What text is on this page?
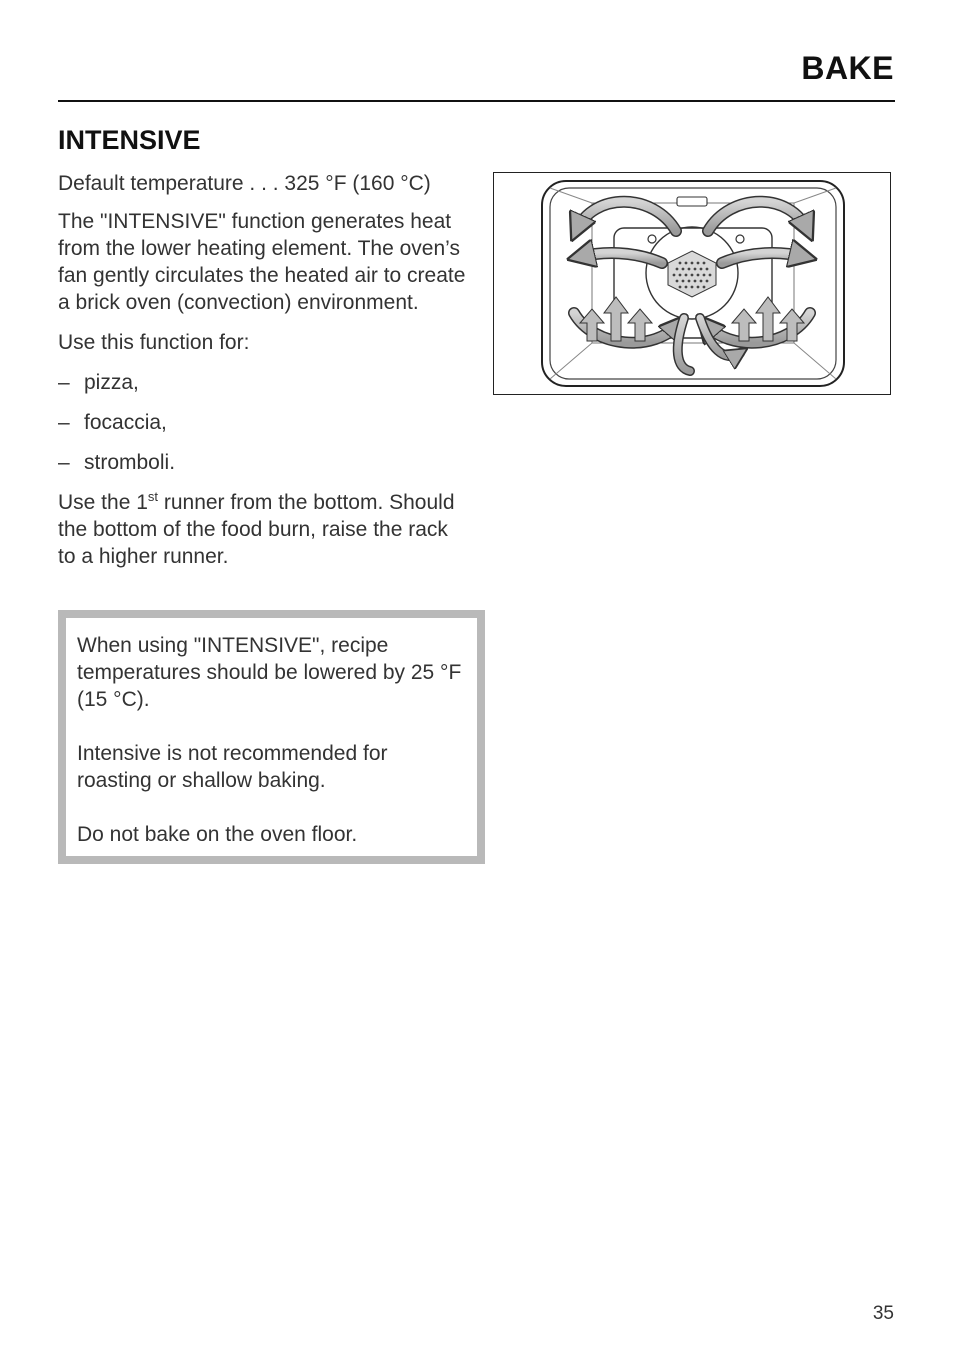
BAKE
INTENSIVE

Default temperature . . . 325 °F (160 °C)

The "INTENSIVE" function generates heat from the lower heating element. The oven’s fan gently circulates the heated air to create a brick oven (convection) environment.

Use this function for:

– pizza,
– focaccia,
– stromboli.

Use the 1st runner from the bottom. Should the bottom of the food burn, raise the rack to a higher runner.

When using "INTENSIVE", recipe temperatures should be lowered by 25 °F (15 °C).

Intensive is not recommended for roasting or shallow baking.

Do not bake on the oven floor.

35
